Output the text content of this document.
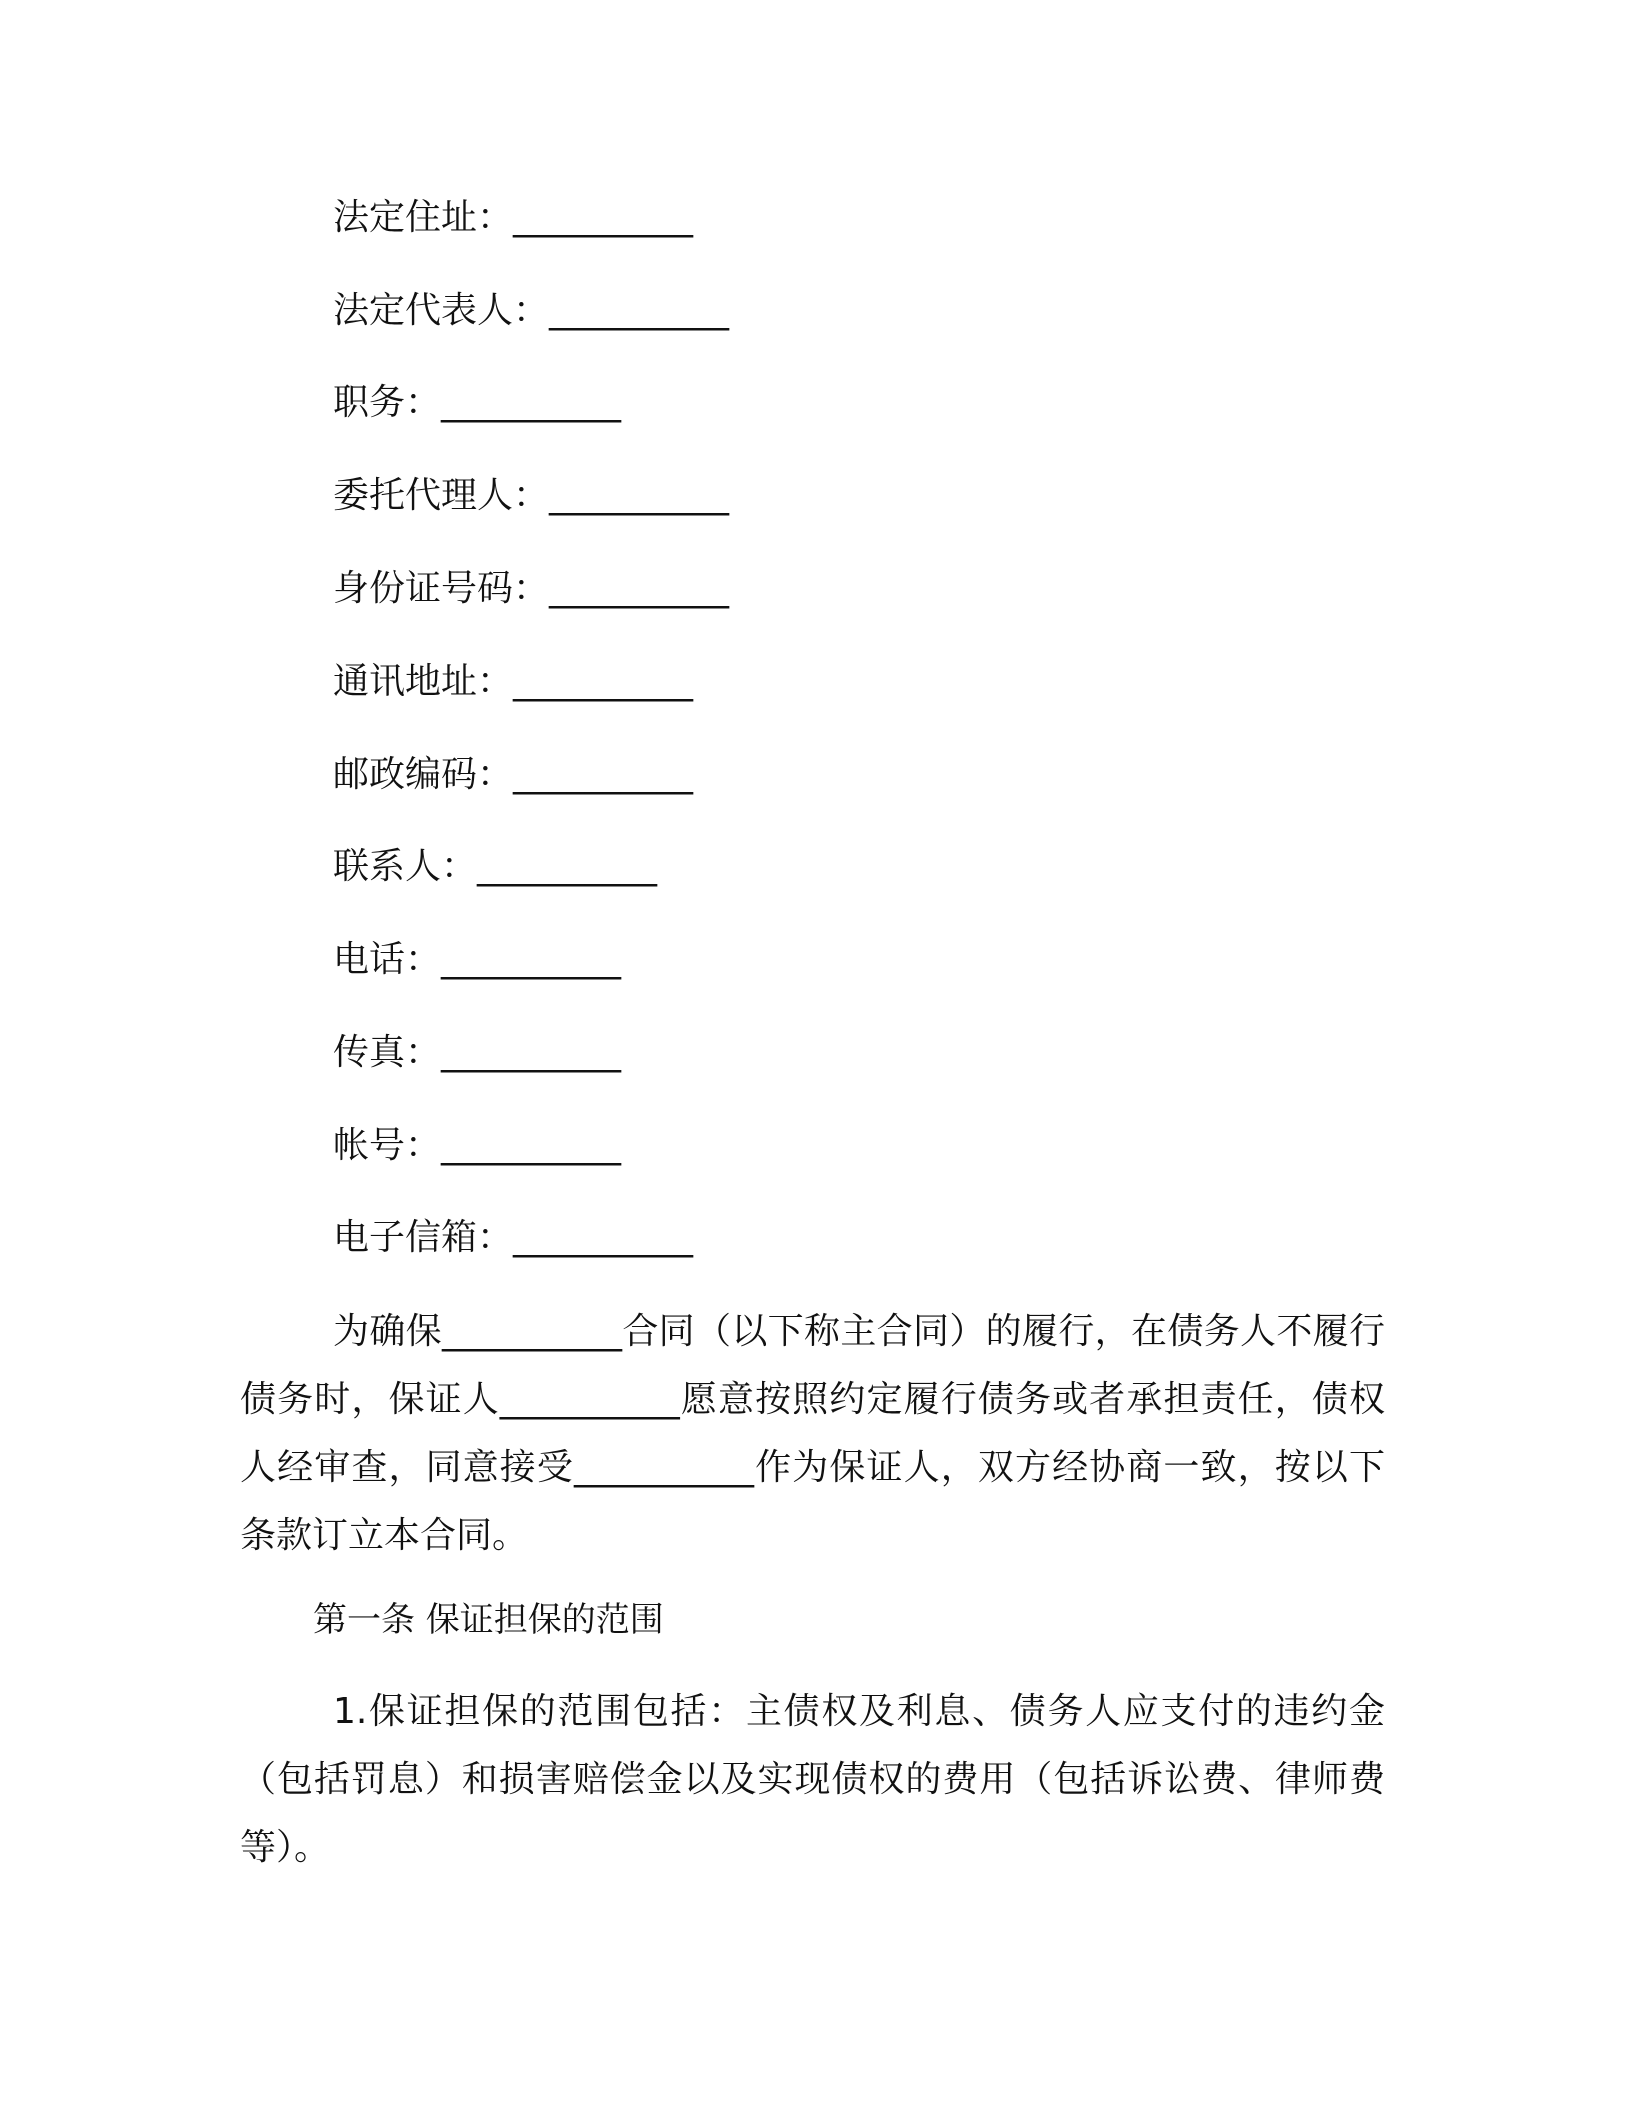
法定住址：__________

法定代表人：__________

职务：__________

委托代理人：__________

身份证号码：__________

通讯地址：__________

邮政编码：__________

联系人：__________

电话：__________

传真：__________

帐号：__________

电子信箱：__________

为确保__________合同（以下称主合同）的履行，在债务人不履行债务时，保证人__________愿意按照约定履行债务或者承担责任，债权人经审查，同意接受__________作为保证人，双方经协商一致，按以下条款订立本合同。

第一条 保证担保的范围

1.保证担保的范围包括：主债权及利息、债务人应支付的违约金（包括罚息）和损害赔偿金以及实现债权的费用（包括诉讼费、律师费等）。
